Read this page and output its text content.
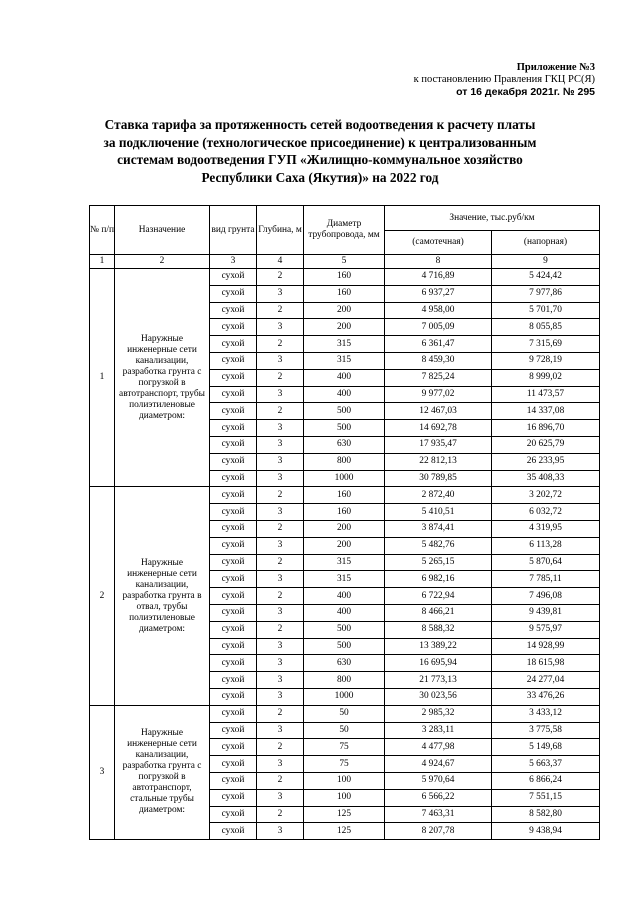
Приложение №3
к постановлению Правления ГКЦ РС(Я)
от 16 декабря 2021г. № 295
Ставка тарифа за протяженность сетей водоотведения к расчету платы
за подключение (технологическое присоединение) к централизованным
системам водоотведения ГУП «Жилищно-коммунальное хозяйство
Республики Саха (Якутия)» на 2022 год
№ п/п	Назначение	вид грунта	Глубина, м	Диаметр трубопровода, мм	Значение, тыс.руб/км	
					(самотечная)	(напорная)
1	2	3	4	5	8	9
1	Наружные инженерные сети канализации, разработка грунта с погрузкой в автотранспорт, трубы полиэтиленовые диаметром:	сухой	2	160	4 716,89	5 424,42
		сухой	3	160	6 937,27	7 977,86
		сухой	2	200	4 958,00	5 701,70
		сухой	3	200	7 005,09	8 055,85
		сухой	2	315	6 361,47	7 315,69
		сухой	3	315	8 459,30	9 728,19
		сухой	2	400	7 825,24	8 999,02
		сухой	3	400	9 977,02	11 473,57
		сухой	2	500	12 467,03	14 337,08
		сухой	3	500	14 692,78	16 896,70
		сухой	3	630	17 935,47	20 625,79
		сухой	3	800	22 812,13	26 233,95
		сухой	3	1000	30 789,85	35 408,33
2	Наружные инженерные сети канализации, разработка грунта в отвал, трубы полиэтиленовые диаметром:	сухой	2	160	2 872,40	3 202,72
		сухой	3	160	5 410,51	6 032,72
		сухой	2	200	3 874,41	4 319,95
		сухой	3	200	5 482,76	6 113,28
		сухой	2	315	5 265,15	5 870,64
		сухой	3	315	6 982,16	7 785,11
		сухой	2	400	6 722,94	7 496,08
		сухой	3	400	8 466,21	9 439,81
		сухой	2	500	8 588,32	9 575,97
		сухой	3	500	13 389,22	14 928,99
		сухой	3	630	16 695,94	18 615,98
		сухой	3	800	21 773,13	24 277,04
		сухой	3	1000	30 023,56	33 476,26
3	Наружные инженерные сети канализации, разработка грунта с погрузкой в автотранспорт, стальные трубы диаметром:	сухой	2	50	2 985,32	3 433,12
		сухой	3	50	3 283,11	3 775,58
		сухой	2	75	4 477,98	5 149,68
		сухой	3	75	4 924,67	5 663,37
		сухой	2	100	5 970,64	6 866,24
		сухой	3	100	6 566,22	7 551,15
		сухой	2	125	7 463,31	8 582,80
		сухой	3	125	8 207,78	9 438,94
